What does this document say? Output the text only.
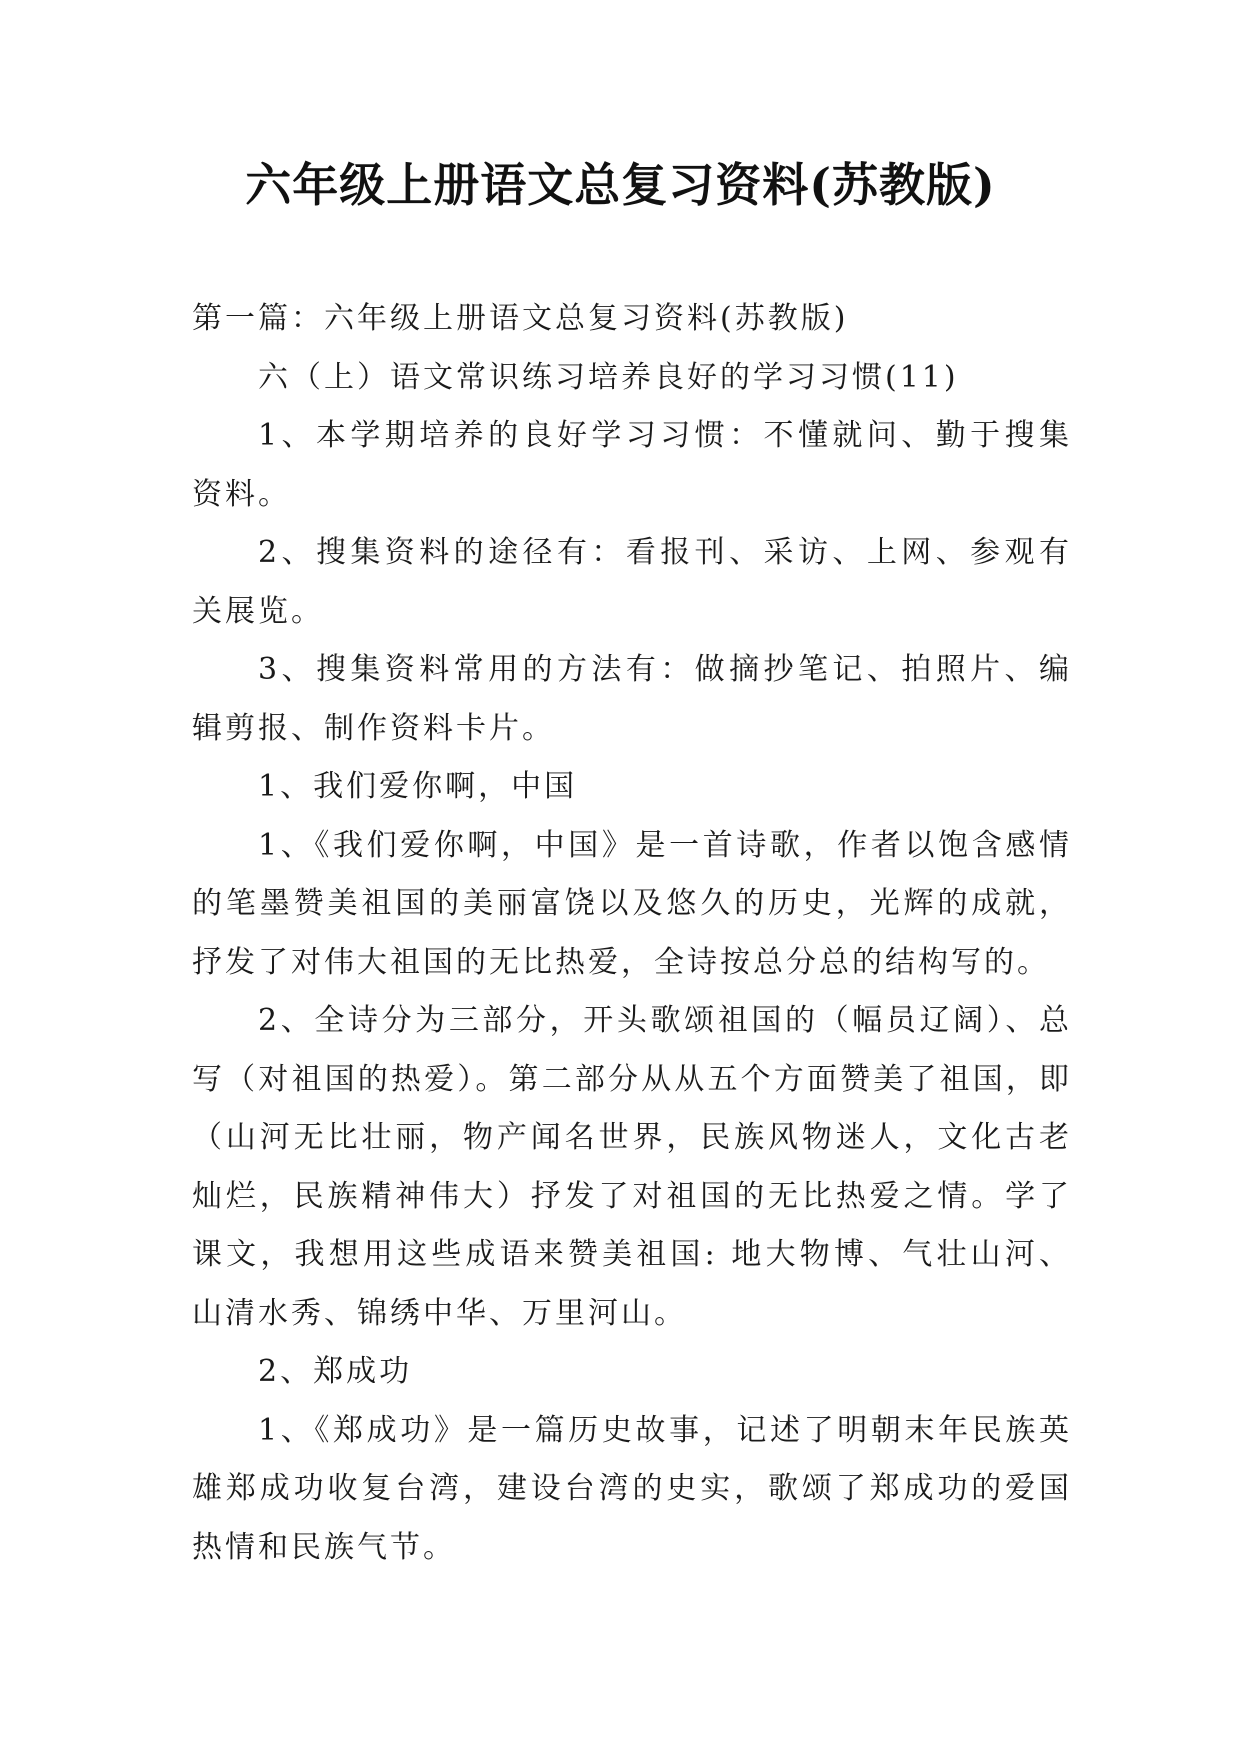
六年级上册语文总复习资料(苏教版)

第一篇：六年级上册语文总复习资料(苏教版)

六（上）语文常识练习培养良好的学习习惯(11)

1、本学期培养的良好学习习惯：不懂就问、勤于搜集资料。

2、搜集资料的途径有：看报刊、采访、上网、参观有关展览。

3、搜集资料常用的方法有：做摘抄笔记、拍照片、编辑剪报、制作资料卡片。

1、我们爱你啊，中国

1、《我们爱你啊，中国》是一首诗歌，作者以饱含感情的笔墨赞美祖国的美丽富饶以及悠久的历史，光辉的成就，抒发了对伟大祖国的无比热爱，全诗按总分总的结构写的。

2、全诗分为三部分，开头歌颂祖国的（幅员辽阔）、总写（对祖国的热爱）。第二部分从从五个方面赞美了祖国，即（山河无比壮丽，物产闻名世界，民族风物迷人，文化古老灿烂，民族精神伟大）抒发了对祖国的无比热爱之情。学了课文，我想用这些成语来赞美祖国: 地大物博、气壮山河、山清水秀、锦绣中华、万里河山。

2、郑成功

1、《郑成功》是一篇历史故事，记述了明朝末年民族英雄郑成功收复台湾，建设台湾的史实，歌颂了郑成功的爱国热情和民族气节。
